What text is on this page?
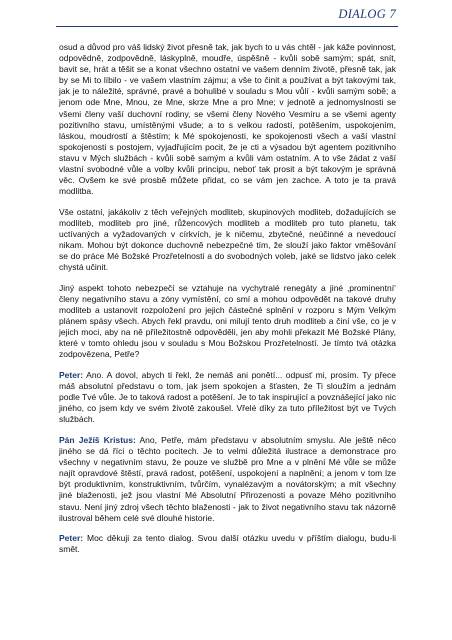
DIALOG 7

osud a důvod pro váš lidský život přesně tak, jak bych to u vás chtěl - jak káže povinnost, odpovědně, zodpovědně, láskyplně, moudře, úspěšně - kvůli sobě samým; spát, snít, bavit se, hrát a těšit se a konat všechno ostatní ve vašem denním životě, přesně tak, jak by se Mi to líbilo - ve vašem vlastním zájmu; a vše to činit a používat a být takovými tak, jak je to náležité, správné, pravé a bohulibé v souladu s Mou vůlí - kvůli samým sobě; a jenom ode Mne, Mnou, ze Mne, skrze Mne a pro Mne; v jednotě a jednomyslnosti se všemi členy vaší duchovní rodiny, se všemi členy Nového Vesmíru a se všemi agenty pozitivního stavu, umístěnými všude; a to s velkou radostí, potěšením, uspokojením, láskou, moudrostí a štěstím; k Mé spokojenosti, ke spokojenosti všech a vaší vlastní spokojenosti s postojem, vyjadřujícím pocit, že je cti a výsadou být agentem pozitivního stavu v Mých službách - kvůli sobě samým a kvůli vám ostatním. A to vše žádat z vaší vlastní svobodné vůle a volby kvůli principu, neboť tak prosit a být takovým je správná věc. Ovšem ke své prosbě můžete přidat, co se vám jen zachce. A toto je ta pravá modlitba.

Vše ostatní, jakákoliv z těch veřejných modliteb, skupinových modliteb, dožadujících se modliteb, modliteb pro jiné, růžencových modliteb a modliteb pro tuto planetu, tak uctívaných a vyžadovaných v církvích, je k ničemu, zbytečné, neúčinné a nevedoucí nikam. Mohou být dokonce duchovně nebezpečné tím, že slouží jako faktor vměšování se do práce Mé Božské Prozřetelnosti a do svobodných voleb, jaké se lidstvo jako celek chystá učinit.

Jiný aspekt tohoto nebezpečí se vztahuje na vychytralé renegáty a jiné ‚prominentní‘ členy negativního stavu a zóny vymístění, co smí a mohou odpovědět na takové druhy modliteb a ustanovit rozpoložení pro jejich částečné splnění v rozporu s Mým Velkým plánem spásy všech. Abych řekl pravdu, oni milují tento druh modliteb a činí vše, co je v jejich moci, aby na ně příležitostně odpověděli, jen aby mohli překazit Mé Božské Plány, které v tomto ohledu jsou v souladu s Mou Božskou Prozřetelností. Je tímto tvá otázka zodpovězena, Petře?

Peter: Ano. A dovol, abych ti řekl, že nemáš ani ponětí... odpusť mi, prosím. Ty přece máš absolutní představu o tom, jak jsem spokojen a šťasten, že Ti sloužím a jednám podle Tvé vůle. Je to taková radost a potěšení. Je to tak inspirující a povznášející jako nic jiného, co jsem kdy ve svém životě zakoušel. Vřelé díky za tuto příležitost být ve Tvých službách.

Pán Ježíš Kristus: Ano, Petře, mám představu v absolutním smyslu. Ale ještě něco jiného se dá říci o těchto pocitech. Je to velmi důležitá ilustrace a demonstrace pro všechny v negativním stavu, že pouze ve službě pro Mne a v plnění Mé vůle se může najít opravdové štěstí, pravá radost, potěšení, uspokojení a naplnění; a jenom v tom lze být produktivním, konstruktivním, tvůrčím, vynalézavým a novátorským; a mít všechny jiné blaženosti, jež jsou vlastní Mé Absolutní Přirozenosti a povaze Mého pozitivního stavu. Není jiný zdroj všech těchto blaženosti - jak to život negativního stavu tak názorně ilustroval během celé své dlouhé historie.

Peter: Moc děkuji za tento dialog. Svou další otázku uvedu v příštím dialogu, budu-li smět.
